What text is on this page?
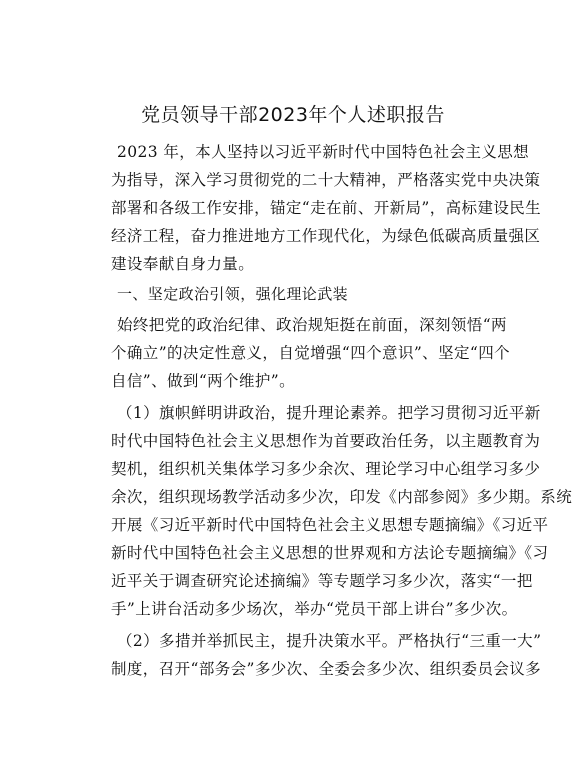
党员领导干部2023年个人述职报告
2023 年，本人坚持以习近平新时代中国特色社会主义思想
为指导，深入学习贯彻党的二十大精神，严格落实党中央决策
部署和各级工作安排，锚定“走在前、开新局”，高标建设民生
经济工程，奋力推进地方工作现代化，为绿色低碳高质量强区
建设奉献自身力量。
一、坚定政治引领，强化理论武装
始终把党的政治纪律、政治规矩挺在前面，深刻领悟“两
个确立”的决定性意义，自觉增强“四个意识”、坚定“四个
自信”、做到“两个维护”。
（1）旗帜鲜明讲政治，提升理论素养。把学习贯彻习近平新
时代中国特色社会主义思想作为首要政治任务，以主题教育为
契机，组织机关集体学习多少余次、理论学习中心组学习多少
余次，组织现场教学活动多少次，印发《内部参阅》多少期。系统
开展《习近平新时代中国特色社会主义思想专题摘编》《习近平
新时代中国特色社会主义思想的世界观和方法论专题摘编》《习
近平关于调查研究论述摘编》等专题学习多少次，落实“一把
手”上讲台活动多少场次，举办“党员干部上讲台”多少次。
（2）多措并举抓民主，提升决策水平。严格执行“三重一大”
制度，召开“部务会”多少次、全委会多少次、组织委员会议多
